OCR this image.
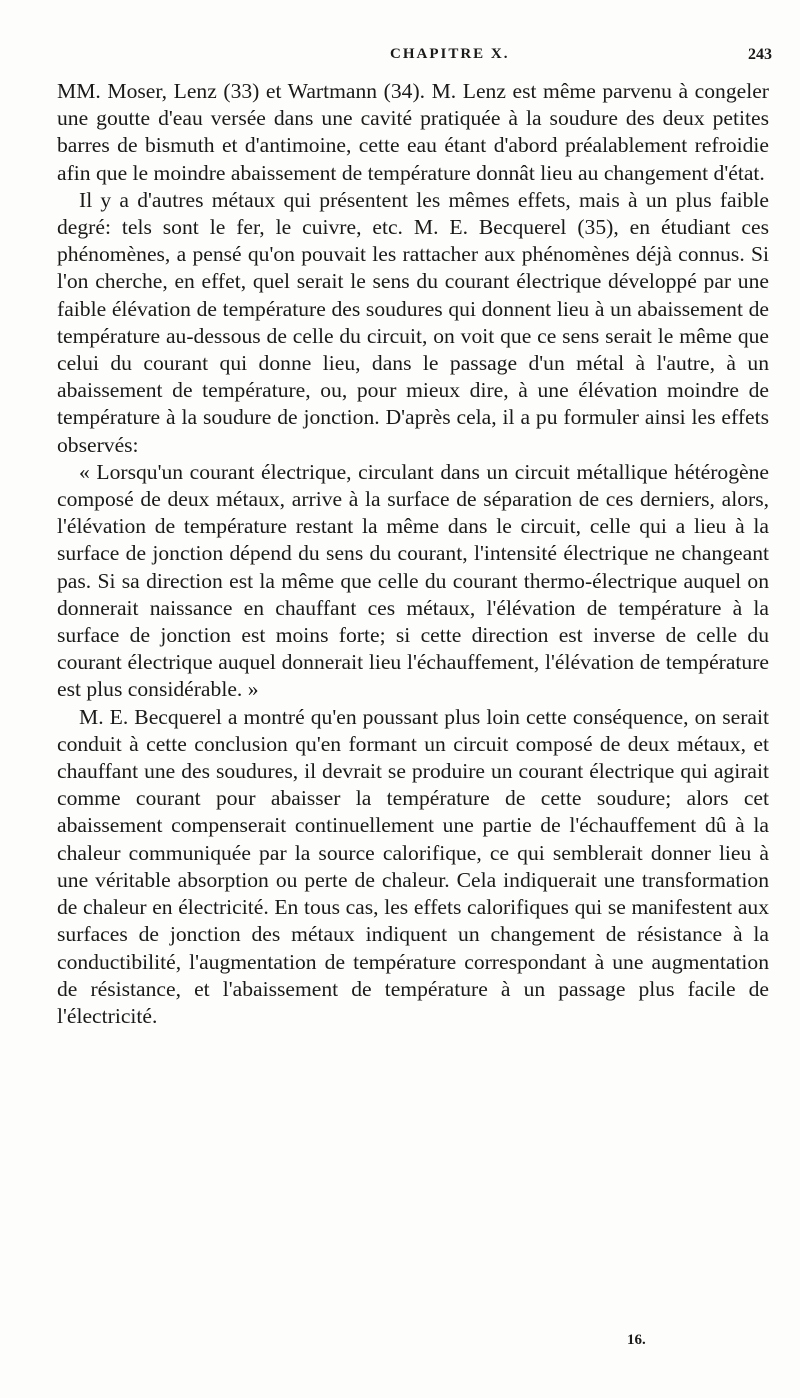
CHAPITRE X.	243

MM. Moser, Lenz (33) et Wartmann (34). M. Lenz est même parvenu à congeler une goutte d'eau versée dans une cavité pratiquée à la soudure des deux petites barres de bismuth et d'antimoine, cette eau étant d'abord préalablement refroidie afin que le moindre abaissement de température donnât lieu au changement d'état.

Il y a d'autres métaux qui présentent les mêmes effets, mais à un plus faible degré: tels sont le fer, le cuivre, etc. M. E. Becquerel (35), en étudiant ces phénomènes, a pensé qu'on pouvait les rattacher aux phénomènes déjà connus. Si l'on cherche, en effet, quel serait le sens du courant électrique développé par une faible élévation de température des soudures qui donnent lieu à un abaissement de température au-dessous de celle du circuit, on voit que ce sens serait le même que celui du courant qui donne lieu, dans le passage d'un métal à l'autre, à un abaissement de température, ou, pour mieux dire, à une élévation moindre de température à la soudure de jonction. D'après cela, il a pu formuler ainsi les effets observés:

« Lorsqu'un courant électrique, circulant dans un circuit métallique hétérogène composé de deux métaux, arrive à la surface de séparation de ces derniers, alors, l'élévation de température restant la même dans le circuit, celle qui a lieu à la surface de jonction dépend du sens du courant, l'intensité électrique ne changeant pas. Si sa direction est la même que celle du courant thermo-électrique auquel on donnerait naissance en chauffant ces métaux, l'élévation de température à la surface de jonction est moins forte; si cette direction est inverse de celle du courant électrique auquel donnerait lieu l'échauffement, l'élévation de température est plus considérable. »

M. E. Becquerel a montré qu'en poussant plus loin cette conséquence, on serait conduit à cette conclusion qu'en formant un circuit composé de deux métaux, et chauffant une des soudures, il devrait se produire un courant électrique qui agirait comme courant pour abaisser la température de cette soudure; alors cet abaissement compenserait continuellement une partie de l'échauffement dû à la chaleur communiquée par la source calorifique, ce qui semblerait donner lieu à une véritable absorption ou perte de chaleur. Cela indiquerait une transformation de chaleur en électricité. En tous cas, les effets calorifiques qui se manifestent aux surfaces de jonction des métaux indiquent un changement de résistance à la conductibilité, l'augmentation de température correspondant à une augmentation de résistance, et l'abaissement de température à un passage plus facile de l'électricité.

16.
